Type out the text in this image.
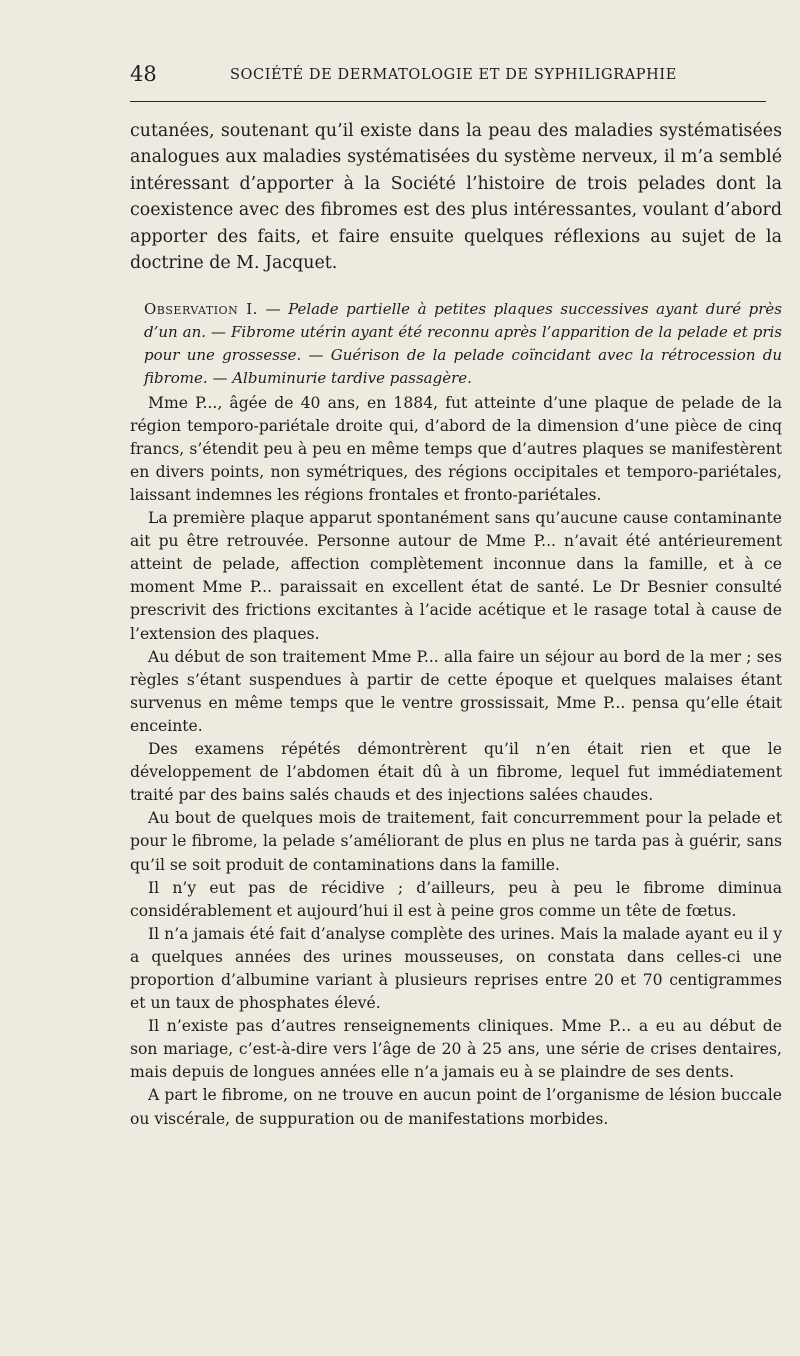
48	SOCIÉTÉ DE DERMATOLOGIE ET DE SYPHILIGRAPHIE

cutanées, soutenant qu’il existe dans la peau des maladies systématisées analogues aux maladies systématisées du système nerveux, il m’a semblé intéressant d’apporter à la Société l’histoire de trois pelades dont la coexistence avec des fibromes est des plus intéressantes, voulant d’abord apporter des faits, et faire ensuite quelques réflexions au sujet de la doctrine de M. Jacquet.

Observation I. — Pelade partielle à petites plaques successives ayant duré près d’un an. — Fibrome utérin ayant été reconnu après l’apparition de la pelade et pris pour une grossesse. — Guérison de la pelade coïncidant avec la rétrocession du fibrome. — Albuminurie tardive passagère.

Mme P..., âgée de 40 ans, en 1884, fut atteinte d’une plaque de pelade de la région temporo-pariétale droite qui, d’abord de la dimension d’une pièce de cinq francs, s’étendit peu à peu en même temps que d’autres plaques se manifestèrent en divers points, non symétriques, des régions occipitales et temporo-pariétales, laissant indemnes les régions frontales et fronto-pariétales.

La première plaque apparut spontanément sans qu’aucune cause contaminante ait pu être retrouvée. Personne autour de Mme P... n’avait été antérieurement atteint de pelade, affection complètement inconnue dans la famille, et à ce moment Mme P... paraissait en excellent état de santé. Le Dr Besnier consulté prescrivit des frictions excitantes à l’acide acétique et le rasage total à cause de l’extension des plaques.

Au début de son traitement Mme P... alla faire un séjour au bord de la mer ; ses règles s’étant suspendues à partir de cette époque et quelques malaises étant survenus en même temps que le ventre grossissait, Mme P... pensa qu’elle était enceinte.

Des examens répétés démontrèrent qu’il n’en était rien et que le développement de l’abdomen était dû à un fibrome, lequel fut immédiatement traité par des bains salés chauds et des injections salées chaudes.

Au bout de quelques mois de traitement, fait concurremment pour la pelade et pour le fibrome, la pelade s’améliorant de plus en plus ne tarda pas à guérir, sans qu’il se soit produit de contaminations dans la famille.

Il n’y eut pas de récidive ; d’ailleurs, peu à peu le fibrome diminua considérablement et aujourd’hui il est à peine gros comme un tête de fœtus.

Il n’a jamais été fait d’analyse complète des urines. Mais la malade ayant eu il y a quelques années des urines mousseuses, on constata dans celles-ci une proportion d’albumine variant à plusieurs reprises entre 20 et 70 centigrammes et un taux de phosphates élevé.

Il n’existe pas d’autres renseignements cliniques. Mme P... a eu au début de son mariage, c’est-à-dire vers l’âge de 20 à 25 ans, une série de crises dentaires, mais depuis de longues années elle n’a jamais eu à se plaindre de ses dents.

A part le fibrome, on ne trouve en aucun point de l’organisme de lésion buccale ou viscérale, de suppuration ou de manifestations morbides.
